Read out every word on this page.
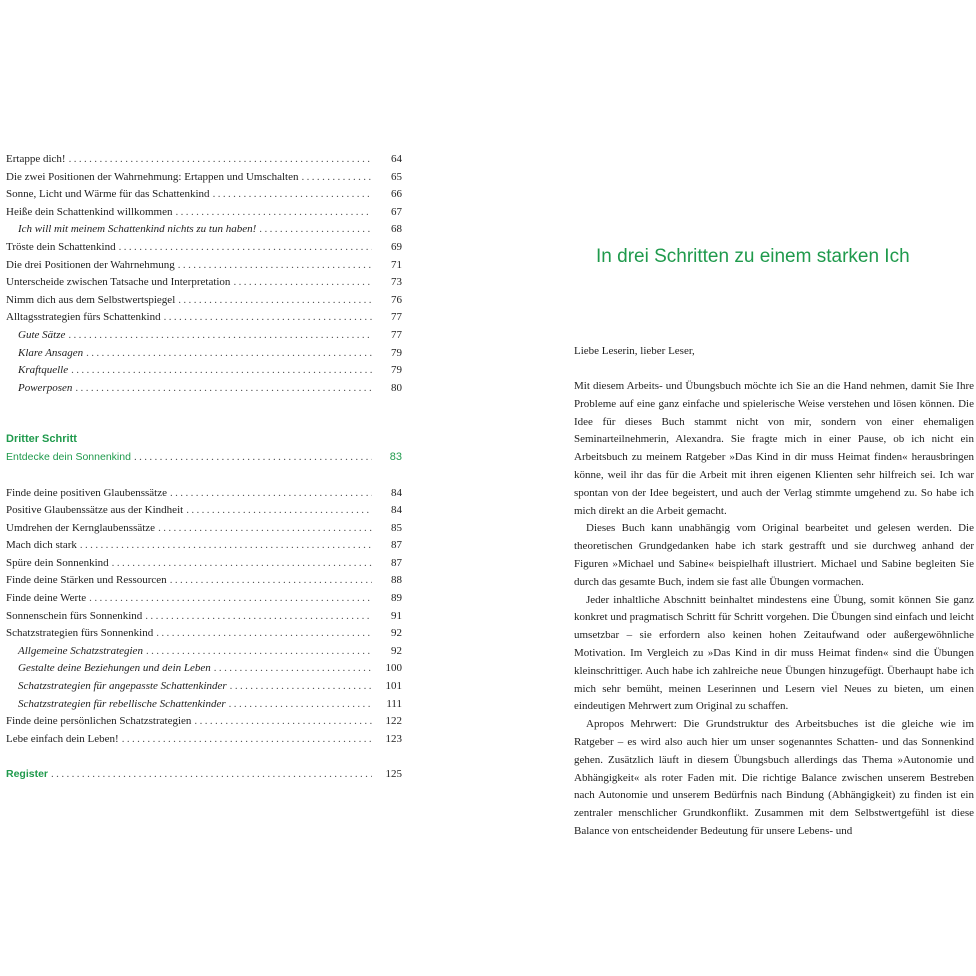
Ertappe dich! .....	64
Die zwei Positionen der Wahrnehmung: Ertappen und Umschalten .....	65
Sonne, Licht und Wärme für das Schattenkind .....	66
Heiße dein Schattenkind willkommen .....	67
Ich will mit meinem Schattenkind nichts zu tun haben! .....	68
Tröste dein Schattenkind .....	69
Die drei Positionen der Wahrnehmung .....	71
Unterscheide zwischen Tatsache und Interpretation .....	73
Nimm dich aus dem Selbstwertspiegel .....	76
Alltagsstrategien fürs Schattenkind .....	77
Gute Sätze .....	77
Klare Ansagen .....	79
Kraftquelle .....	79
Powerposen .....	80
Dritter Schritt
Entdecke dein Sonnenkind .....	83
Finde deine positiven Glaubenssätze .....	84
Positive Glaubenssätze aus der Kindheit .....	84
Umdrehen der Kernglaubenssätze .....	85
Mach dich stark .....	87
Spüre dein Sonnenkind .....	87
Finde deine Stärken und Ressourcen .....	88
Finde deine Werte .....	89
Sonnenschein fürs Sonnenkind .....	91
Schatzstrategien fürs Sonnenkind .....	92
Allgemeine Schatzstrategien .....	92
Gestalte deine Beziehungen und dein Leben .....	100
Schatzstrategien für angepasste Schattenkinder .....	101
Schatzstrategien für rebellische Schattenkinder .....	111
Finde deine persönlichen Schatzstrategien .....	122
Lebe einfach dein Leben! .....	123
Register .....	125
In drei Schritten zu einem starken Ich
Liebe Leserin, lieber Leser,

Mit diesem Arbeits- und Übungsbuch möchte ich Sie an die Hand nehmen, damit Sie Ihre Probleme auf eine ganz einfache und spielerische Weise verstehen und lösen können. Die Idee für dieses Buch stammt nicht von mir, sondern von einer ehemaligen Seminarteilnehmerin, Alexandra. Sie fragte mich in einer Pause, ob ich nicht ein Arbeitsbuch zu meinem Ratgeber »Das Kind in dir muss Heimat finden« herausbringen könne, weil ihr das für die Arbeit mit ihren eigenen Klienten sehr hilfreich sei. Ich war spontan von der Idee begeistert, und auch der Verlag stimmte umgehend zu. So habe ich mich direkt an die Arbeit gemacht.

Dieses Buch kann unabhängig vom Original bearbeitet und gelesen werden. Die theoretischen Grundgedanken habe ich stark gestrafft und sie durchweg anhand der Figuren »Michael und Sabine« beispielhaft illustriert. Michael und Sabine begleiten Sie durch das gesamte Buch, indem sie fast alle Übungen vormachen.

Jeder inhaltliche Abschnitt beinhaltet mindestens eine Übung, somit können Sie ganz konkret und pragmatisch Schritt für Schritt vorgehen. Die Übungen sind einfach und leicht umsetzbar – sie erfordern also keinen hohen Zeitaufwand oder außergewöhnliche Motivation. Im Vergleich zu »Das Kind in dir muss Heimat finden« sind die Übungen kleinschrittiger. Auch habe ich zahlreiche neue Übungen hinzugefügt. Überhaupt habe ich mich sehr bemüht, meinen Leserinnen und Lesern viel Neues zu bieten, um einen eindeutigen Mehrwert zum Original zu schaffen.

Apropos Mehrwert: Die Grundstruktur des Arbeitsbuches ist die gleiche wie im Ratgeber – es wird also auch hier um unser sogenanntes Schatten- und das Sonnenkind gehen. Zusätzlich läuft in diesem Übungsbuch allerdings das Thema »Autonomie und Abhängigkeit« als roter Faden mit. Die richtige Balance zwischen unserem Bestreben nach Autonomie und unserem Bedürfnis nach Bindung (Abhängigkeit) zu finden ist ein zentraler menschlicher Grundkonflikt. Zusammen mit dem Selbstwertgefühl ist diese Balance von entscheidender Bedeutung für unsere Lebens- und
